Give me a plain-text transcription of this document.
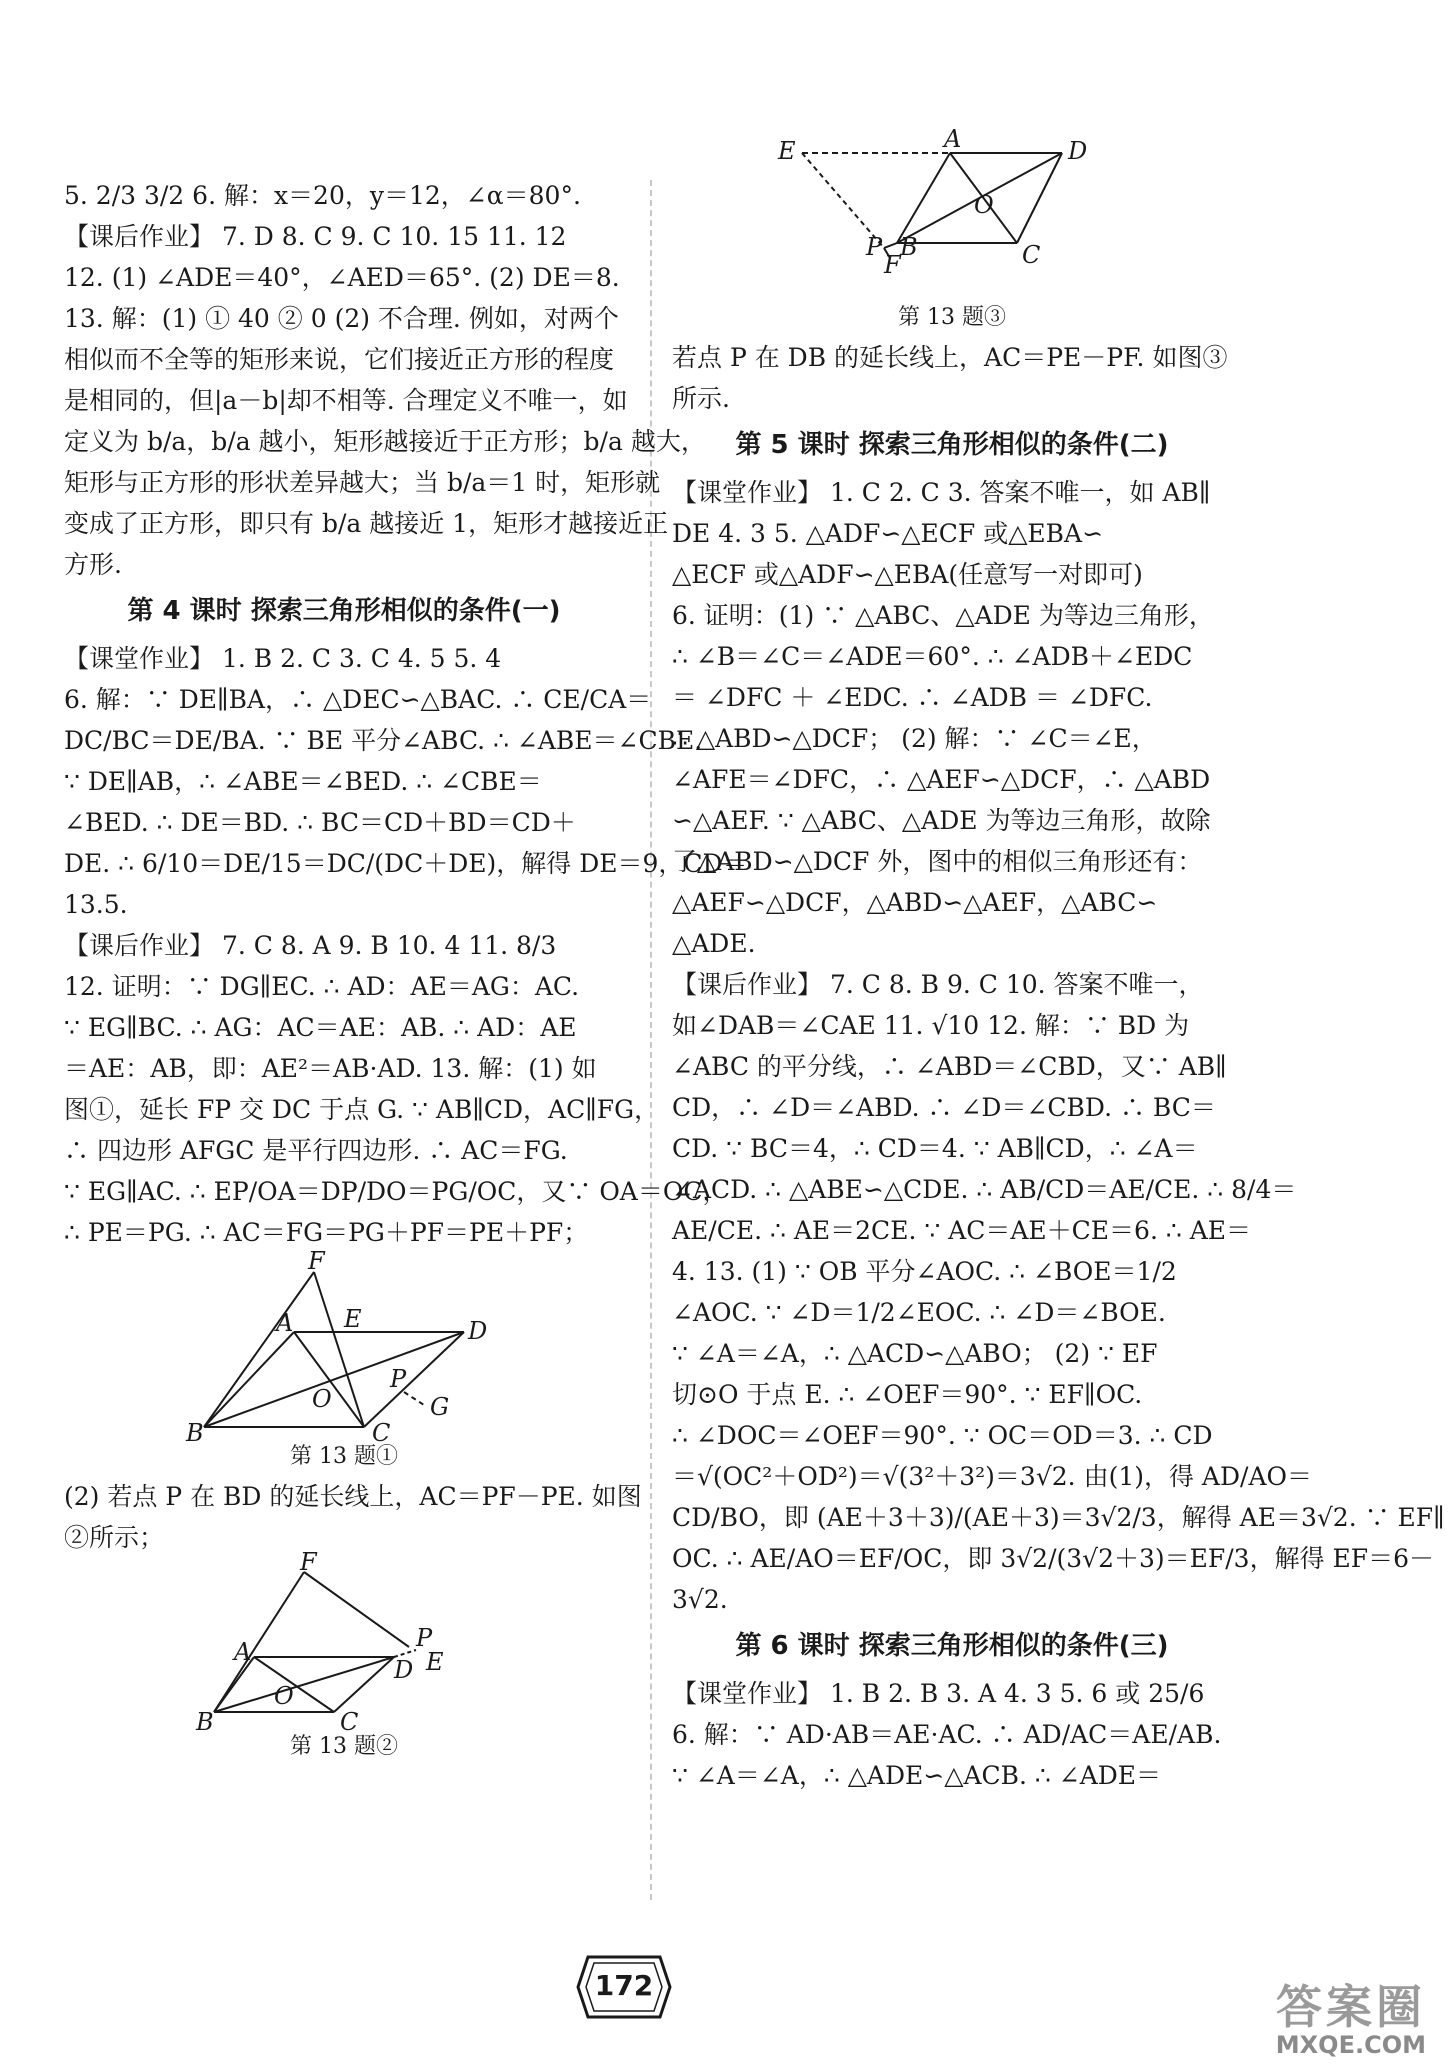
5. 2/3 3/2 6. 解：x＝20，y＝12，∠α＝80°.
【课后作业】 7. D 8. C 9. C 10. 15 11. 12
12. (1) ∠ADE＝40°，∠AED＝65°. (2) DE＝8.
13. 解：(1) ① 40 ② 0 (2) 不合理. 例如，对两个
相似而不全等的矩形来说，它们接近正方形的程度
是相同的，但|a－b|却不相等. 合理定义不唯一，如
定义为 b/a，b/a 越小，矩形越接近于正方形；b/a 越大，
矩形与正方形的形状差异越大；当 b/a＝1 时，矩形就
变成了正方形，即只有 b/a 越接近 1，矩形才越接近正
方形.
第 4 课时 探索三角形相似的条件(一)
【课堂作业】 1. B 2. C 3. C 4. 5 5. 4
6. 解：∵ DE∥BA，∴ △DEC∽△BAC. ∴ CE/CA＝
DC/BC＝DE/BA. ∵ BE 平分∠ABC. ∴ ∠ABE＝∠CBE.
∵ DE∥AB，∴ ∠ABE＝∠BED. ∴ ∠CBE＝
∠BED. ∴ DE＝BD. ∴ BC＝CD＋BD＝CD＋
DE. ∴ 6/10＝DE/15＝DC/(DC＋DE)，解得 DE＝9，CD＝
13.5.
【课后作业】 7. C 8. A 9. B 10. 4 11. 8/3
12. 证明：∵ DG∥EC. ∴ AD：AE＝AG：AC.
∵ EG∥BC. ∴ AG：AC＝AE：AB. ∴ AD：AE
＝AE：AB，即：AE²＝AB·AD. 13. 解：(1) 如
图①，延长 FP 交 DC 于点 G. ∵ AB∥CD，AC∥FG，
∴ 四边形 AFGC 是平行四边形. ∴ AC＝FG.
∵ EG∥AC. ∴ EP/OA＝DP/DO＝PG/OC，又∵ OA＝OC，
∴ PE＝PG. ∴ AC＝FG＝PG＋PF＝PE＋PF；
F
A E	D
P
O	G
B	C
第 13 题①
(2) 若点 P 在 BD 的延长线上，AC＝PF－PE. 如图
②所示；
F
A
D
P
E
O
B	C
第 13 题②
E	A	D
O
P B
F	C
第 13 题③
若点 P 在 DB 的延长线上，AC＝PE－PF. 如图③
所示.
第 5 课时 探索三角形相似的条件(二)
【课堂作业】 1. C 2. C 3. 答案不唯一，如 AB∥
DE 4. 3 5. △ADF∽△ECF 或△EBA∽
△ECF 或△ADF∽△EBA(任意写一对即可)
6. 证明：(1) ∵ △ABC、△ADE 为等边三角形，
∴ ∠B＝∠C＝∠ADE＝60°. ∴ ∠ADB＋∠EDC
＝ ∠DFC ＋ ∠EDC. ∴ ∠ADB ＝ ∠DFC.
∴ △ABD∽△DCF； (2) 解：∵ ∠C＝∠E，
∠AFE＝∠DFC，∴ △AEF∽△DCF，∴ △ABD
∽△AEF. ∵ △ABC、△ADE 为等边三角形，故除
了△ABD∽△DCF 外，图中的相似三角形还有：
△AEF∽△DCF，△ABD∽△AEF，△ABC∽
△ADE.
【课后作业】 7. C 8. B 9. C 10. 答案不唯一，
如∠DAB＝∠CAE 11. √10 12. 解：∵ BD 为
∠ABC 的平分线，∴ ∠ABD＝∠CBD，又∵ AB∥
CD，∴ ∠D＝∠ABD. ∴ ∠D＝∠CBD. ∴ BC＝
CD. ∵ BC＝4，∴ CD＝4. ∵ AB∥CD，∴ ∠A＝
∠ACD. ∴ △ABE∽△CDE. ∴ AB/CD＝AE/CE. ∴ 8/4＝
AE/CE. ∴ AE＝2CE. ∵ AC＝AE＋CE＝6. ∴ AE＝
4. 13. (1) ∵ OB 平分∠AOC. ∴ ∠BOE＝1/2
∠AOC. ∵ ∠D＝1/2∠EOC. ∴ ∠D＝∠BOE.
∵ ∠A＝∠A，∴ △ACD∽△ABO； (2) ∵ EF
切⊙O 于点 E. ∴ ∠OEF＝90°. ∵ EF∥OC.
∴ ∠DOC＝∠OEF＝90°. ∵ OC＝OD＝3. ∴ CD
＝√(OC²＋OD²)＝√(3²＋3²)＝3√2. 由(1)，得 AD/AO＝
CD/BO，即 (AE＋3＋3)/(AE＋3)＝3√2/3，解得 AE＝3√2. ∵ EF∥
OC. ∴ AE/AO＝EF/OC，即 3√2/(3√2＋3)＝EF/3，解得 EF＝6－
3√2.
第 6 课时 探索三角形相似的条件(三)
【课堂作业】 1. B 2. B 3. A 4. 3 5. 6 或 25/6
6. 解：∵ AD·AB＝AE·AC. ∴ AD/AC＝AE/AB.
∵ ∠A＝∠A，∴ △ADE∽△ACB. ∴ ∠ADE＝
172	答案圈
MXQE.COM
